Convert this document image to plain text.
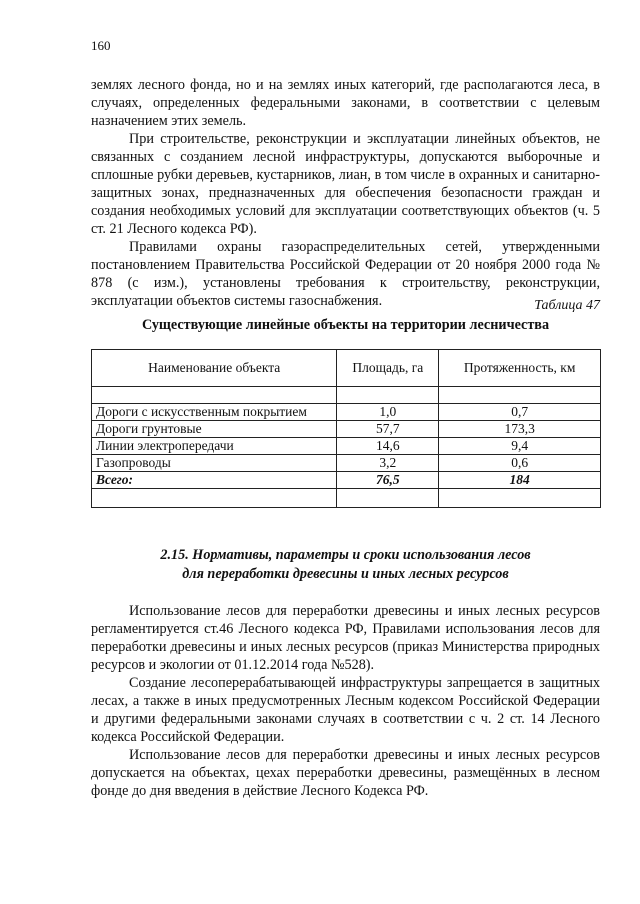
160

землях лесного фонда, но и на землях иных категорий, где располагаются леса, в случаях, определенных федеральными законами, в соответствии с целевым назначением этих земель.

При строительстве, реконструкции и эксплуатации линейных объектов, не связанных с созданием лесной инфраструктуры, допускаются выборочные и сплошные рубки деревьев, кустарников, лиан, в том числе в охранных и санитарно-защитных зонах, предназначенных для обеспечения безопасности граждан и создания необходимых условий для эксплуатации соответствующих объектов (ч. 5 ст. 21 Лесного кодекса РФ).

Правилами охраны газораспределительных сетей, утвержденными постановлением Правительства Российской Федерации от 20 ноября 2000 года № 878 (с изм.), установлены требования к строительству, реконструкции, эксплуатации объектов системы газоснабжения.	Таблица 47
Существующие линейные объекты на территории лесничества
Наименование объекта	Площадь, га	Протяженность, км

Дороги с искусственным покрытием	1,0	0,7
Дороги грунтовые	57,7	173,3
Линии электропередачи	14,6	9,4
Газопроводы	3,2	0,6
Всего:	76,5	184

2.15. Нормативы, параметры и сроки использования лесов
для переработки древесины и иных лесных ресурсов

Использование лесов для переработки древесины и иных лесных ресурсов регламентируется ст.46 Лесного кодекса РФ, Правилами использования лесов для переработки древесины и иных лесных ресурсов (приказ Министерства природных ресурсов и экологии от 01.12.2014 года №528).

Создание лесоперерабатывающей инфраструктуры запрещается в защитных лесах, а также в иных предусмотренных Лесным кодексом Российской Федерации и другими федеральными законами случаях в соответствии с ч. 2 ст. 14 Лесного кодекса Российской Федерации.

Использование лесов для переработки древесины и иных лесных ресурсов допускается на объектах, цехах переработки древесины, размещённых в лесном фонде до дня введения в действие Лесного Кодекса РФ.
